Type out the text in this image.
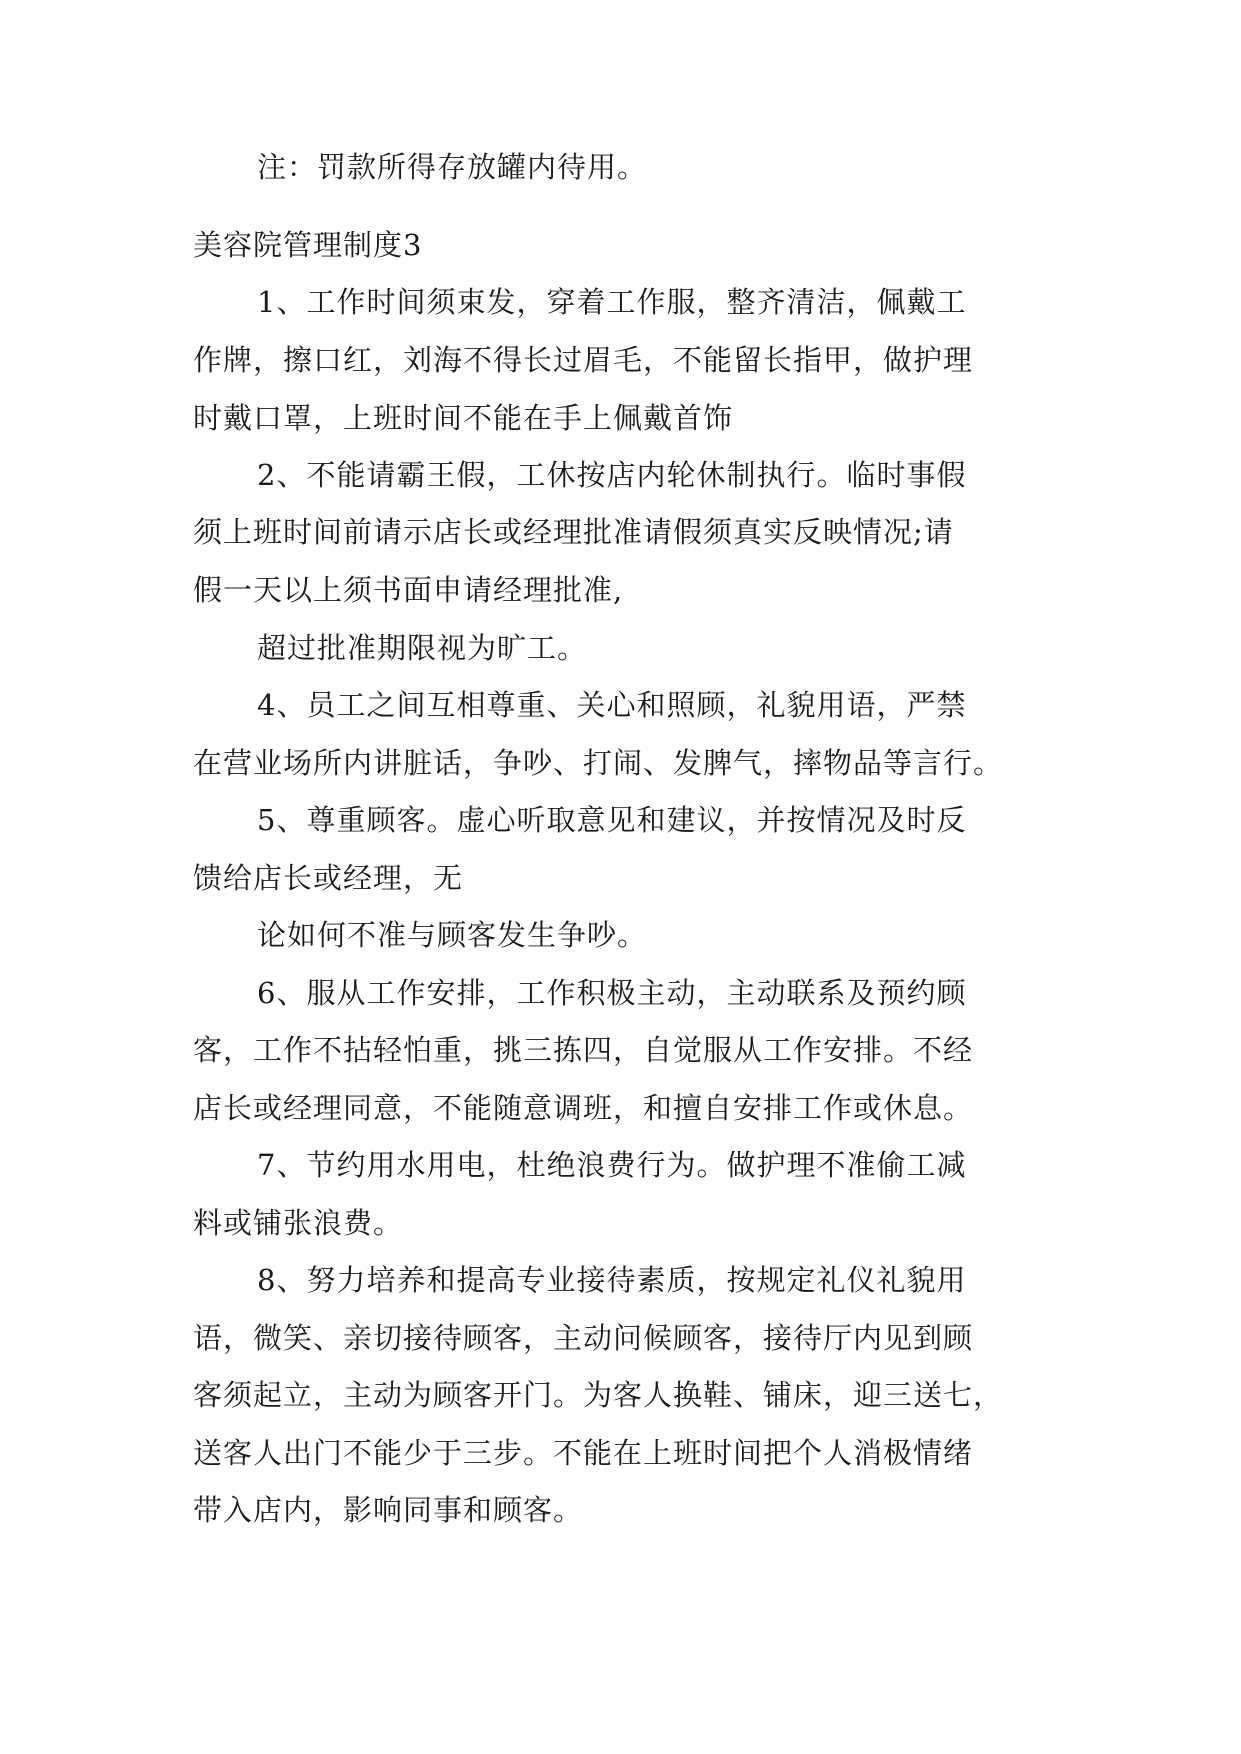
注：罚款所得存放罐内待用。

美容院管理制度3

1、工作时间须束发，穿着工作服，整齐清洁，佩戴工

作牌，擦口红，刘海不得长过眉毛，不能留长指甲，做护理

时戴口罩，上班时间不能在手上佩戴首饰

2、不能请霸王假，工休按店内轮休制执行。临时事假

须上班时间前请示店长或经理批准请假须真实反映情况;请

假一天以上须书面申请经理批准,

超过批准期限视为旷工。

4、员工之间互相尊重、关心和照顾，礼貌用语，严禁

在营业场所内讲脏话，争吵、打闹、发脾气，摔物品等言行。

5、尊重顾客。虚心听取意见和建议，并按情况及时反

馈给店长或经理，无

论如何不准与顾客发生争吵。

6、服从工作安排，工作积极主动，主动联系及预约顾

客，工作不拈轻怕重，挑三拣四，自觉服从工作安排。不经

店长或经理同意，不能随意调班，和擅自安排工作或休息。

7、节约用水用电，杜绝浪费行为。做护理不准偷工减

料或铺张浪费。

8、努力培养和提高专业接待素质，按规定礼仪礼貌用

语，微笑、亲切接待顾客，主动问候顾客，接待厅内见到顾

客须起立，主动为顾客开门。为客人换鞋、铺床，迎三送七，

送客人出门不能少于三步。不能在上班时间把个人消极情绪

带入店内，影响同事和顾客。
